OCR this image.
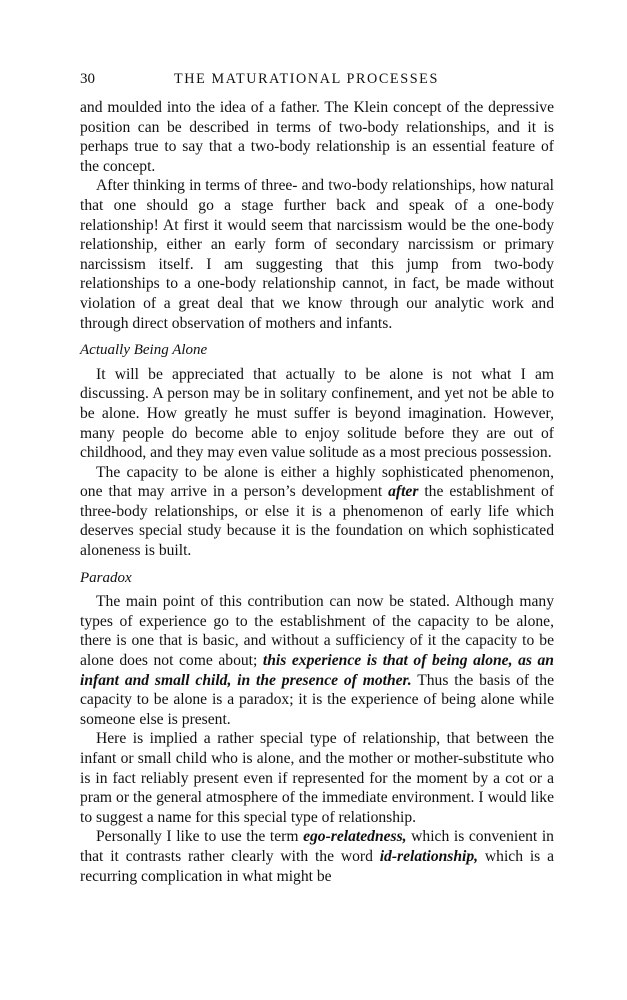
30	THE MATURATIONAL PROCESSES

and moulded into the idea of a father. The Klein concept of the depressive position can be described in terms of two-body relationships, and it is perhaps true to say that a two-body relationship is an essential feature of the concept.

After thinking in terms of three- and two-body relationships, how natural that one should go a stage further back and speak of a one-body relationship! At first it would seem that narcissism would be the one-body relationship, either an early form of secondary narcissism or primary narcissism itself. I am suggesting that this jump from two-body relationships to a one-body relationship cannot, in fact, be made without violation of a great deal that we know through our analytic work and through direct observation of mothers and infants.

Actually Being Alone

It will be appreciated that actually to be alone is not what I am discussing. A person may be in solitary confinement, and yet not be able to be alone. How greatly he must suffer is beyond imagination. However, many people do become able to enjoy solitude before they are out of childhood, and they may even value solitude as a most precious possession.

The capacity to be alone is either a highly sophisticated phenomenon, one that may arrive in a person’s development after the establishment of three-body relationships, or else it is a phenomenon of early life which deserves special study because it is the foundation on which sophisticated aloneness is built.

Paradox

The main point of this contribution can now be stated. Although many types of experience go to the establishment of the capacity to be alone, there is one that is basic, and without a sufficiency of it the capacity to be alone does not come about; this experience is that of being alone, as an infant and small child, in the presence of mother. Thus the basis of the capacity to be alone is a paradox; it is the experience of being alone while someone else is present.

Here is implied a rather special type of relationship, that between the infant or small child who is alone, and the mother or mother-substitute who is in fact reliably present even if represented for the moment by a cot or a pram or the general atmosphere of the immediate environment. I would like to suggest a name for this special type of relationship.

Personally I like to use the term ego-relatedness, which is convenient in that it contrasts rather clearly with the word id-relationship, which is a recurring complication in what might be
